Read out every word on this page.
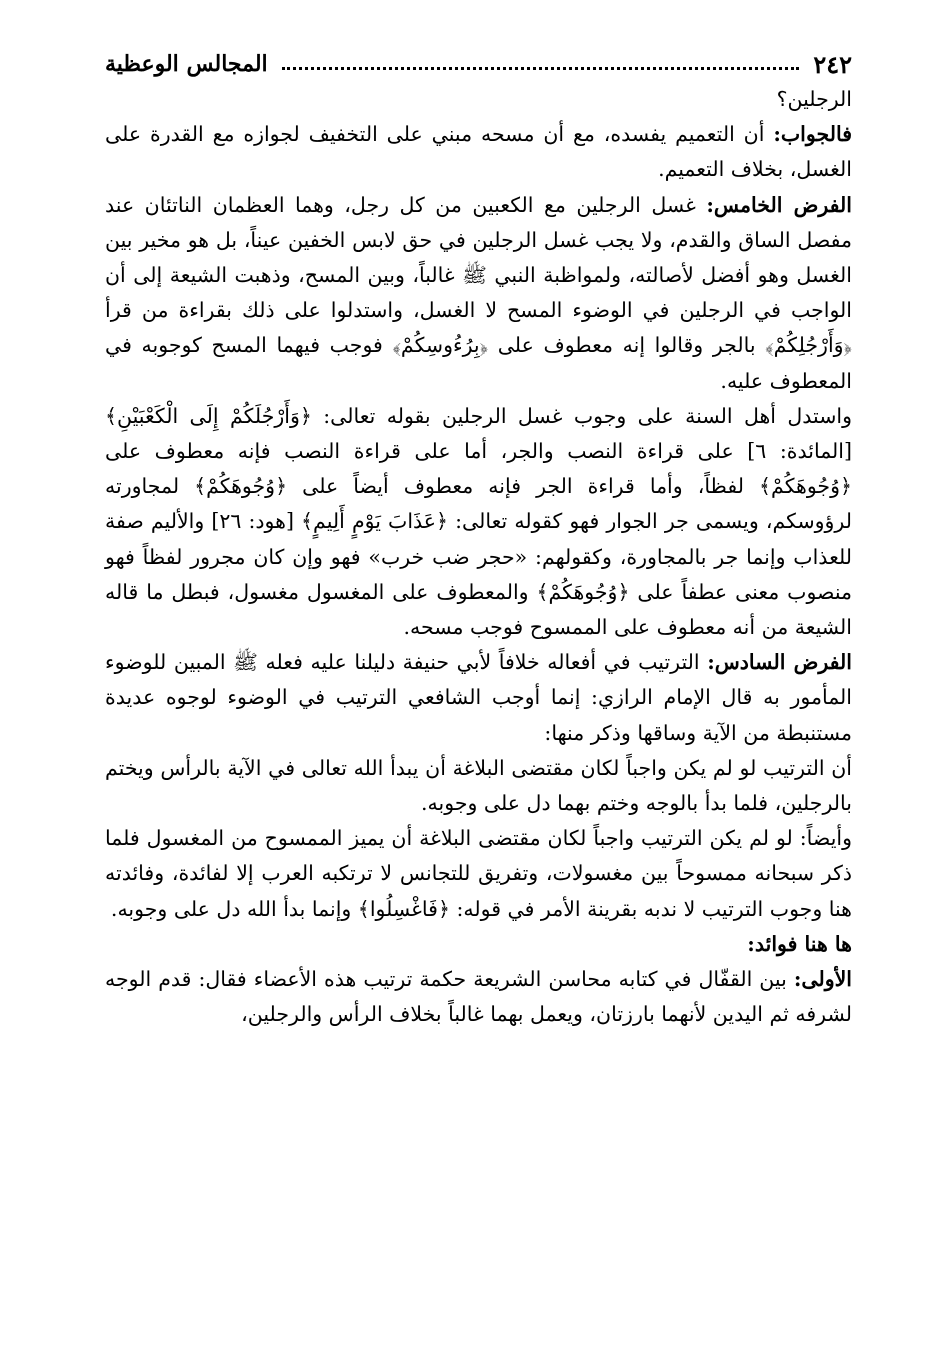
٢٤٢
المجالس الوعظية

الرجلين؟

فالجواب: أن التعميم يفسده، مع أن مسحه مبني على التخفيف لجوازه مع القدرة على الغسل، بخلاف التعميم.

الفرض الخامس: غسل الرجلين مع الكعبين من كل رجل، وهما العظمان الناتئان عند مفصل الساق والقدم، ولا يجب غسل الرجلين في حق لابس الخفين عيناً، بل هو مخير بين الغسل وهو أفضل لأصالته، ولمواظبة النبي ﷺ غالباً، وبين المسح، وذهبت الشيعة إلى أن الواجب في الرجلين في الوضوء المسح لا الغسل، واستدلوا على ذلك بقراءة من قرأ ﴿وَأَرْجُلِكُمْ﴾ بالجر وقالوا إنه معطوف على ﴿بِرُءُوسِكُمْ﴾ فوجب فيهما المسح كوجوبه في المعطوف عليه.

واستدل أهل السنة على وجوب غسل الرجلين بقوله تعالى: ﴿وَأَرْجُلَكُمْ إِلَى الْكَعْبَيْنِ﴾ [المائدة: ٦] على قراءة النصب والجر، أما على قراءة النصب فإنه معطوف على ﴿وُجُوهَكُمْ﴾ لفظاً، وأما قراءة الجر فإنه معطوف أيضاً على ﴿وُجُوهَكُمْ﴾ لمجاورته لرؤوسكم، ويسمى جر الجوار فهو كقوله تعالى: ﴿عَذَابَ يَوْمٍ أَلِيمٍ﴾ [هود: ٢٦] والأليم صفة للعذاب وإنما جر بالمجاورة، وكقولهم: «حجر ضب خرب» فهو وإن كان مجرور لفظاً فهو منصوب معنى عطفاً على ﴿وُجُوهَكُمْ﴾ والمعطوف على المغسول مغسول، فبطل ما قاله الشيعة من أنه معطوف على الممسوح فوجب مسحه.

الفرض السادس: الترتيب في أفعاله خلافاً لأبي حنيفة دليلنا عليه فعله ﷺ المبين للوضوء المأمور به قال الإمام الرازي: إنما أوجب الشافعي الترتيب في الوضوء لوجوه عديدة مستنبطة من الآية وساقها وذكر منها:

أن الترتيب لو لم يكن واجباً لكان مقتضى البلاغة أن يبدأ الله تعالى في الآية بالرأس ويختم بالرجلين، فلما بدأ بالوجه وختم بهما دل على وجوبه.

وأيضاً: لو لم يكن الترتيب واجباً لكان مقتضى البلاغة أن يميز الممسوح من المغسول فلما ذكر سبحانه ممسوحاً بين مغسولات، وتفريق للتجانس لا ترتكبه العرب إلا لفائدة، وفائدته هنا وجوب الترتيب لا ندبه بقرينة الأمر في قوله: ﴿فَاغْسِلُوا﴾ وإنما بدأ الله دل على وجوبه.

ها هنا فوائد:

الأولى: بين القفّال في كتابه محاسن الشريعة حكمة ترتيب هذه الأعضاء فقال: قدم الوجه لشرفه ثم اليدين لأنهما بارزتان، ويعمل بهما غالباً بخلاف الرأس والرجلين،
